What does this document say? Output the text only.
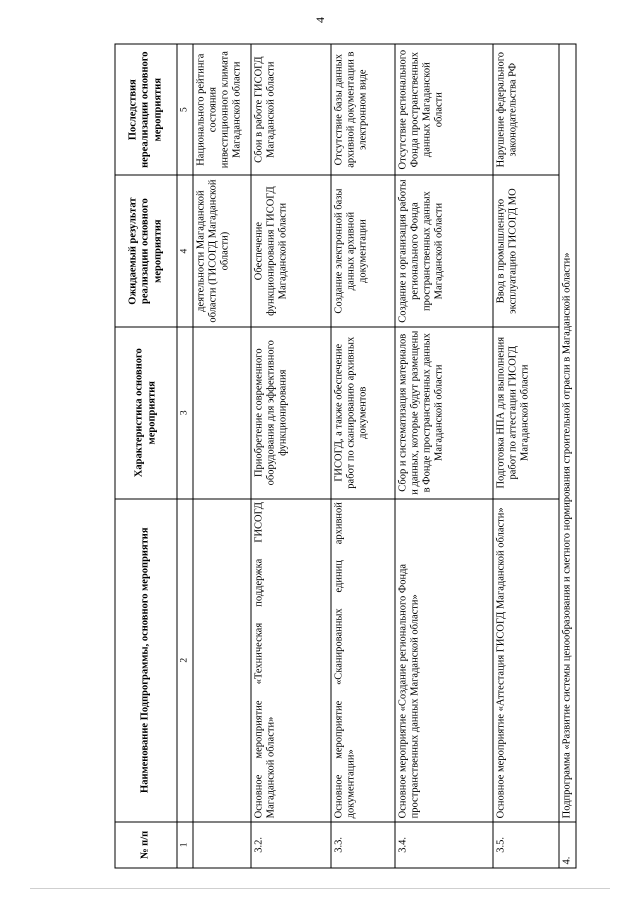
4
№ п/п	Наименование Подпрограммы, основного мероприятия	Характеристика основного мероприятия	Ожидаемый результат реализации основного мероприятия	Последствия нереализации основного мероприятия
1	2	3	4	5
			деятельности Магаданской области (ГИСОГД Магаданской области)	Национального рейтинга состояния инвестиционного климата Магаданской области
3.2.	Основное мероприятие «Техническая поддержка ГИСОГД Магаданской области»	Приобретение современного оборудования для эффективного функционирования	Обеспечение функционирования ГИСОГД Магаданской области	Сбои в работе ГИСОГД Магаданской области
3.3.	Основное мероприятие «Сканированных единиц архивной документации»	ГИСОГД, а также обеспечение работ по сканированию архивных документов	Создание электронной базы данных архивной документации	Отсутствие базы данных архивной документации в электронном виде
3.4.	Основное мероприятие «Создание регионального Фонда пространственных данных Магаданской области»	Сбор и систематизация материалов и данных, которые будут размещены в Фонде пространственных данных Магаданской области	Создание и организация работы регионального Фонда пространственных данных Магаданской области	Отсутствие регионального Фонда пространственных данных Магаданской области
3.5.	Основное мероприятие «Аттестация ГИСОГД Магаданской области»	Подготовка НПА для выполнения работ по аттестации ГИСОГД Магаданской области	Ввод в промышленную эксплуатацию ГИСОГД МО	Нарушение федерального законодательства РФ
4.	Подпрограмма «Развитие системы ценообразования и сметного нормирования строительной отрасли в Магаданской области»			
